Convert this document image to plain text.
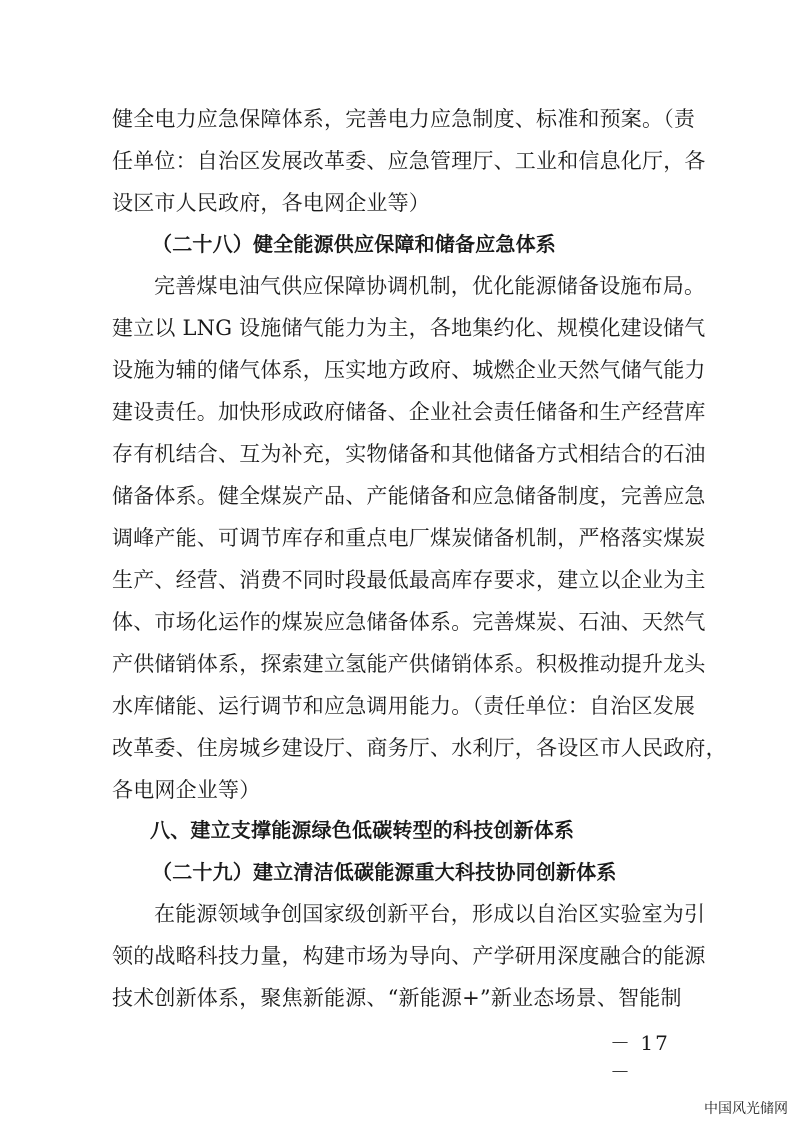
健全电力应急保障体系，完善电力应急制度、标准和预案。（责
任单位：自治区发展改革委、应急管理厅、工业和信息化厅，各
设区市人民政府，各电网企业等）
（二十八）健全能源供应保障和储备应急体系
完善煤电油气供应保障协调机制，优化能源储备设施布局。
建立以 LNG 设施储气能力为主，各地集约化、规模化建设储气
设施为辅的储气体系，压实地方政府、城燃企业天然气储气能力
建设责任。加快形成政府储备、企业社会责任储备和生产经营库
存有机结合、互为补充，实物储备和其他储备方式相结合的石油
储备体系。健全煤炭产品、产能储备和应急储备制度，完善应急
调峰产能、可调节库存和重点电厂煤炭储备机制，严格落实煤炭
生产、经营、消费不同时段最低最高库存要求，建立以企业为主
体、市场化运作的煤炭应急储备体系。完善煤炭、石油、天然气
产供储销体系，探索建立氢能产供储销体系。积极推动提升龙头
水库储能、运行调节和应急调用能力。（责任单位：自治区发展
改革委、住房城乡建设厅、商务厅、水利厅，各设区市人民政府，
各电网企业等）
八、建立支撑能源绿色低碳转型的科技创新体系
（二十九）建立清洁低碳能源重大科技协同创新体系
在能源领域争创国家级创新平台，形成以自治区实验室为引
领的战略科技力量，构建市场为导向、产学研用深度融合的能源
技术创新体系，聚焦新能源、“新能源+”新业态场景、智能制
－ 17 －
中国风光储网
